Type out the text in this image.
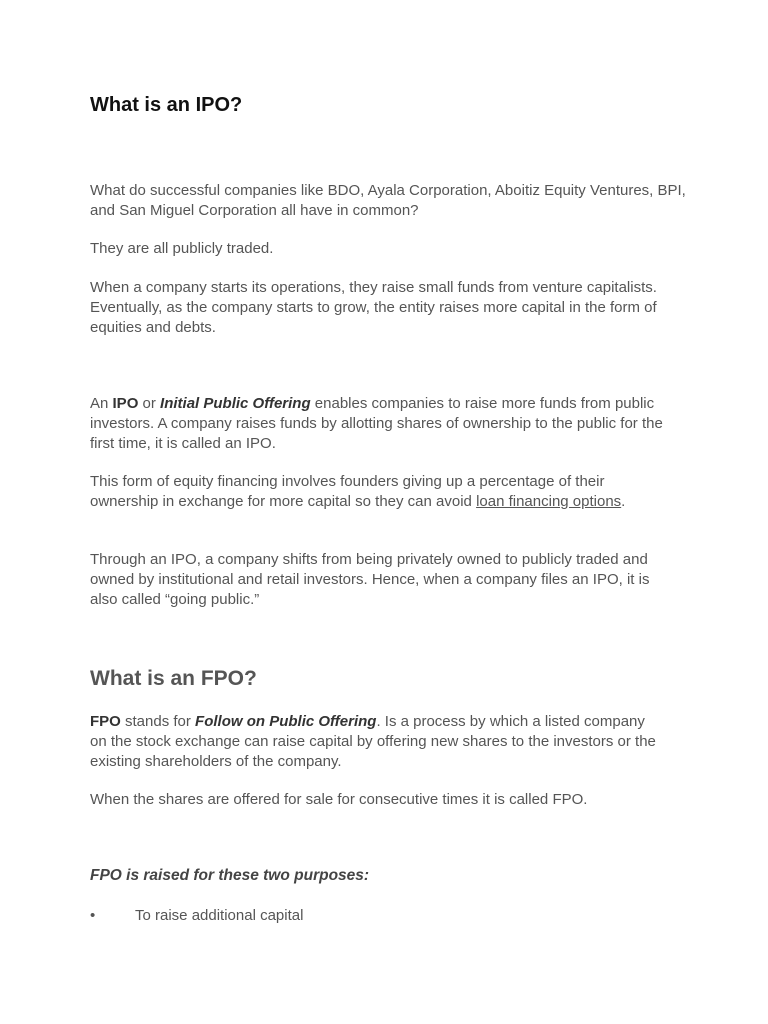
What is an IPO?

What do successful companies like BDO, Ayala Corporation, Aboitiz Equity Ventures, BPI, and San Miguel Corporation all have in common?

They are all publicly traded.

When a company starts its operations, they raise small funds from venture capitalists. Eventually, as the company starts to grow, the entity raises more capital in the form of equities and debts.

An IPO or Initial Public Offering enables companies to raise more funds from public investors. A company raises funds by allotting shares of ownership to the public for the first time, it is called an IPO.

This form of equity financing involves founders giving up a percentage of their ownership in exchange for more capital so they can avoid loan financing options.

Through an IPO, a company shifts from being privately owned to publicly traded and owned by institutional and retail investors. Hence, when a company files an IPO, it is also called “going public.”

What is an FPO?

FPO stands for Follow on Public Offering. Is a process by which a listed company on the stock exchange can raise capital by offering new shares to the investors or the existing shareholders of the company.

When the shares are offered for sale for consecutive times it is called FPO.

FPO is raised for these two purposes:

•	To raise additional capital
